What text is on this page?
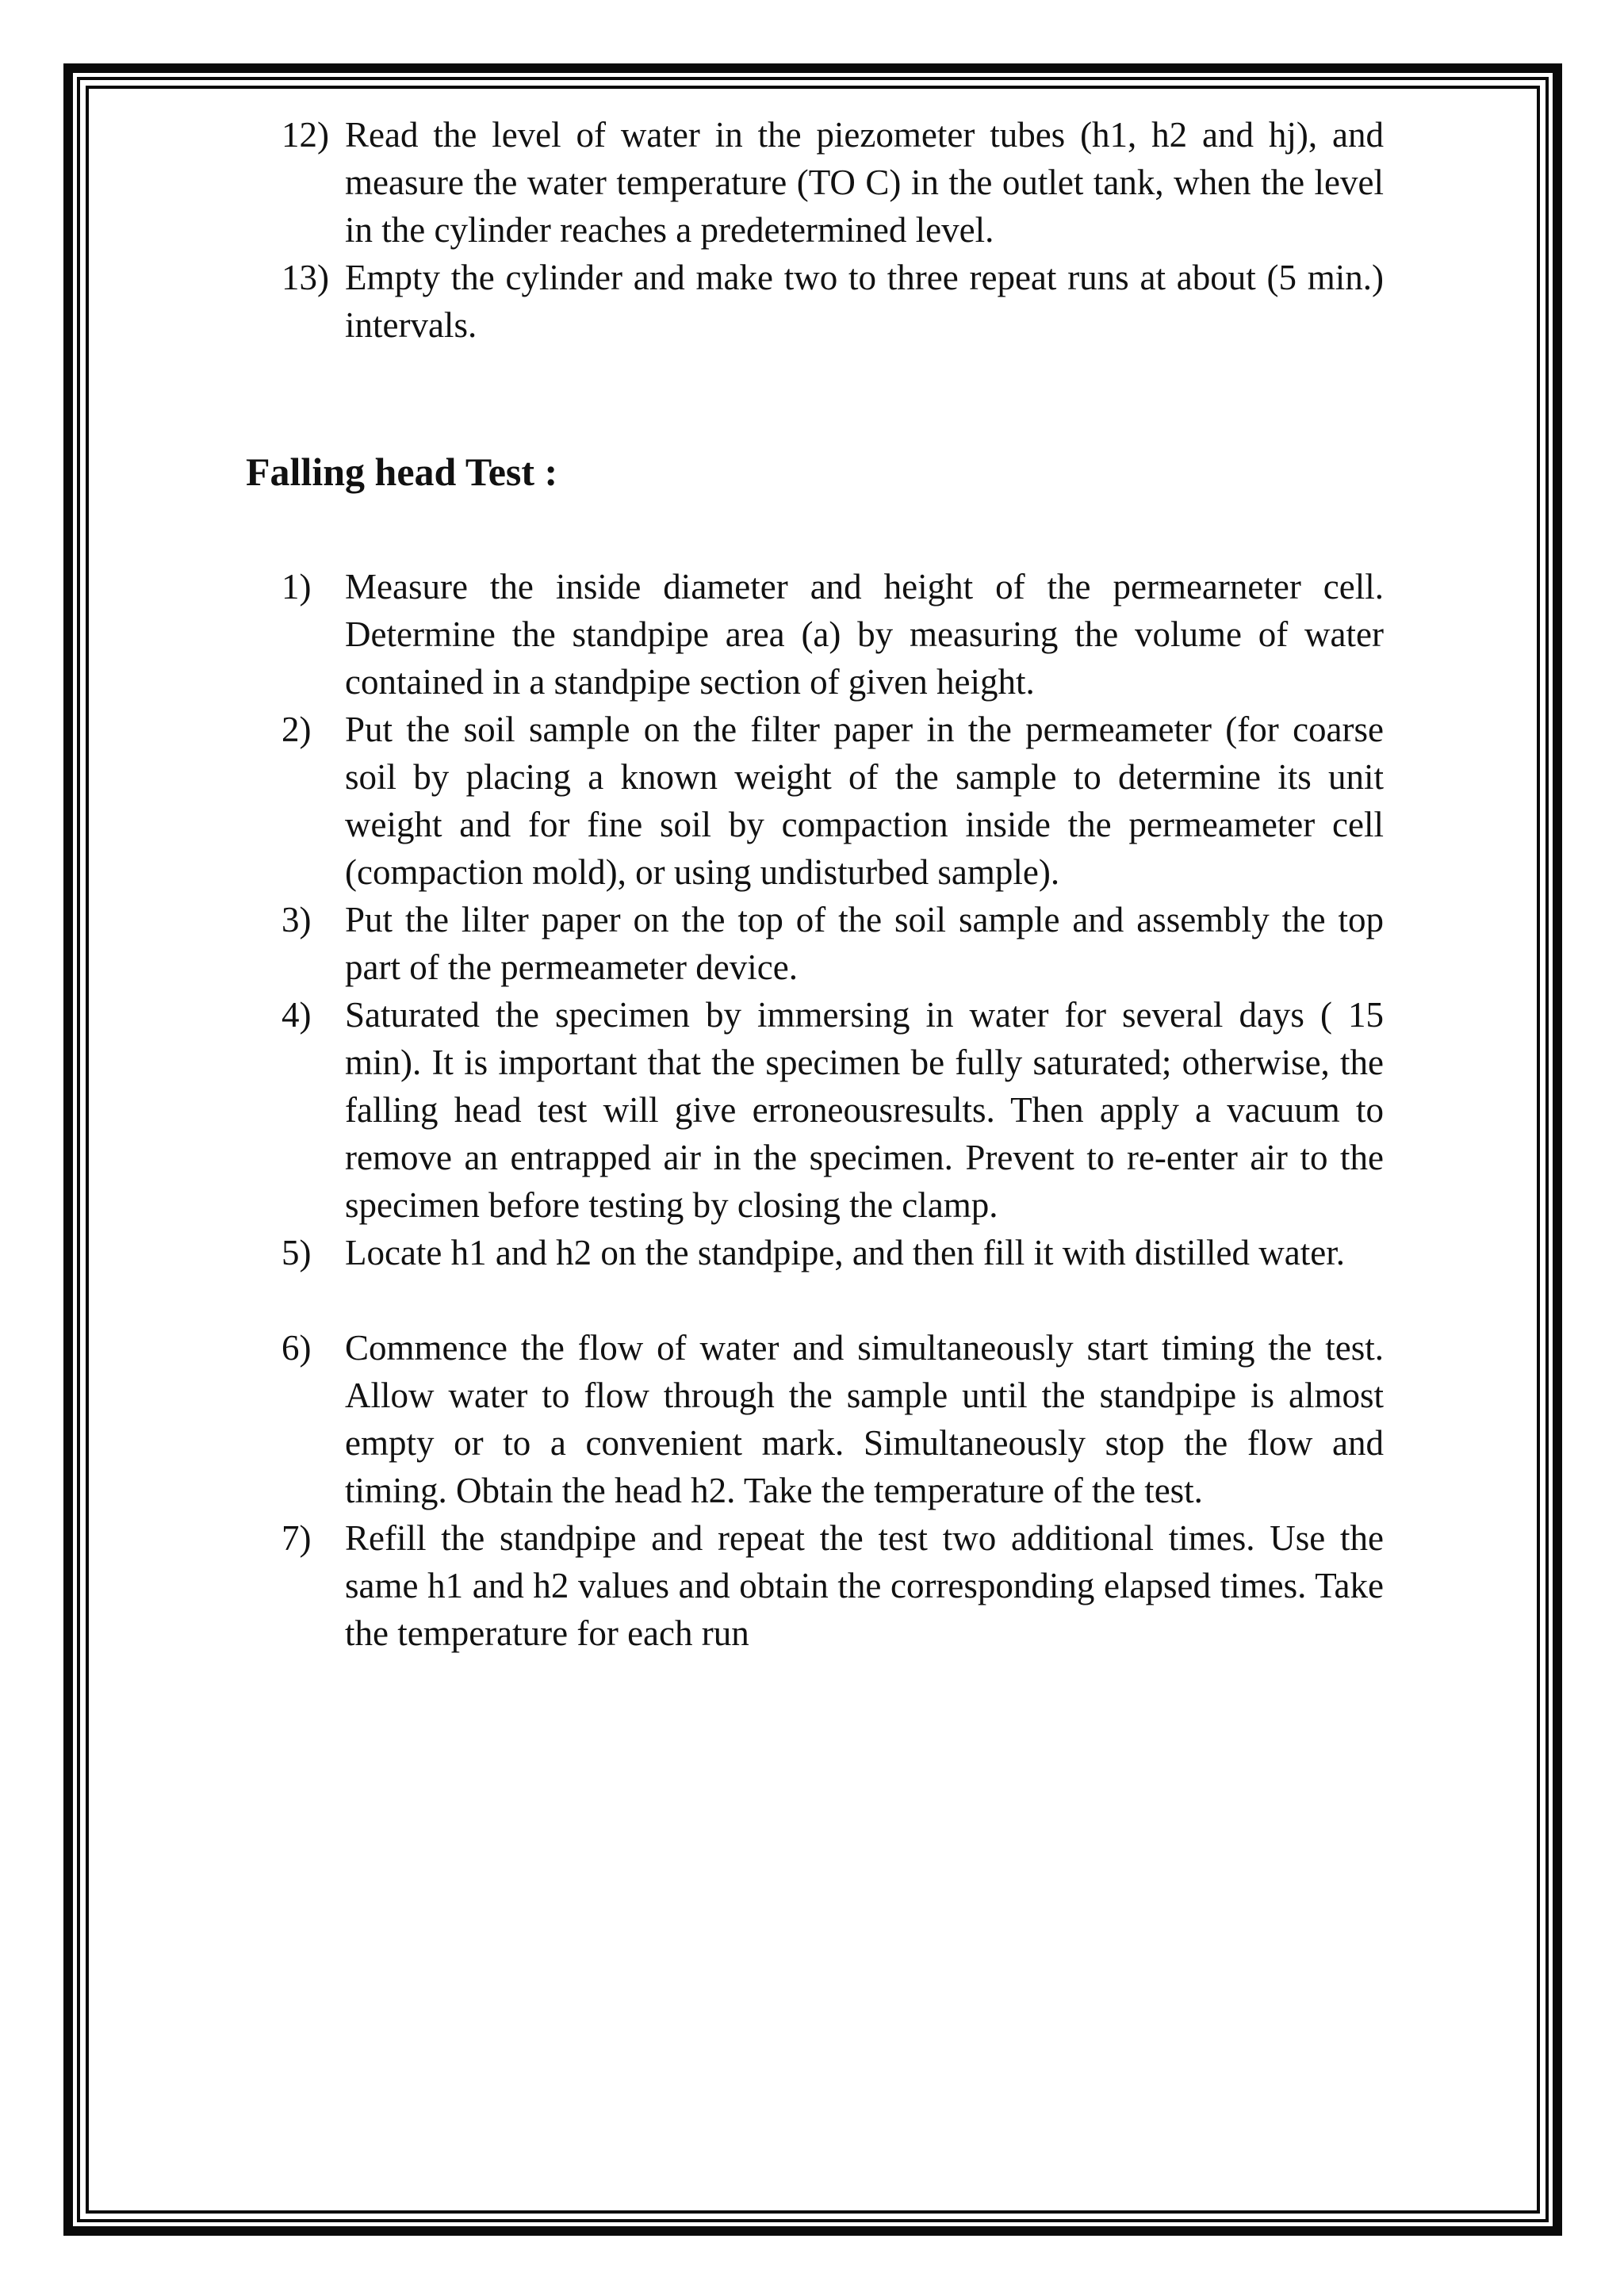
12) Read the level of water in the piezometer tubes (h1, h2 and hj), and measure the water temperature (TO C) in the outlet tank, when the level in the cylinder reaches a predetermined level.
13) Empty the cylinder and make two to three repeat runs at about (5 min.) intervals.
Falling head Test :
1) Measure the inside diameter and height of the permearneter cell. Determine the standpipe area (a) by measuring the volume of water contained in a standpipe section of given height.
2) Put the soil sample on the filter paper in the permeameter (for coarse soil by placing a known weight of the sample to determine its unit weight and for fine soil by compaction inside the permeameter cell (compaction mold), or using undisturbed sample).
3) Put the lilter paper on the top of the soil sample and assembly the top part of the permeameter device.
4) Saturated the specimen by immersing in water for several days ( 15 min). It is important that the specimen be fully saturated; otherwise, the falling head test will give erroneousresults. Then apply a vacuum to remove an entrapped air in the specimen. Prevent to re-enter air to the specimen before testing by closing the clamp.
5) Locate h1 and h2 on the standpipe, and then fill it with distilled water.
6) Commence the flow of water and simultaneously start timing the test. Allow water to flow through the sample until the standpipe is almost empty or to a convenient mark. Simultaneously stop the flow and timing. Obtain the head h2. Take the temperature of the test.
7) Refill the standpipe and repeat the test two additional times. Use the same h1 and h2 values and obtain the corresponding elapsed times. Take the temperature for each run
